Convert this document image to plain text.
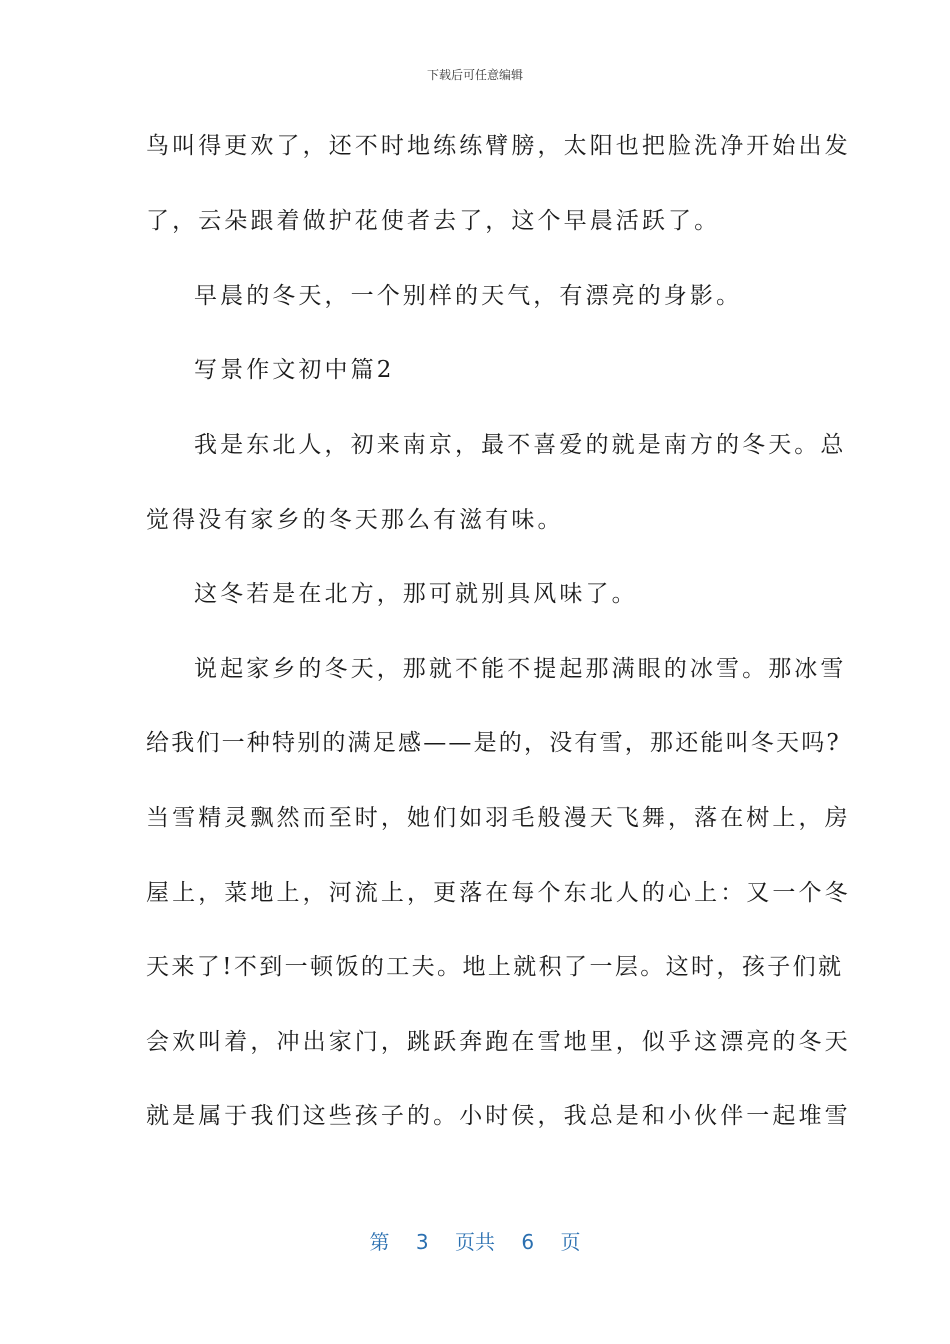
下载后可任意编辑
鸟叫得更欢了，还不时地练练臂膀，太阳也把脸洗净开始出发
了，云朵跟着做护花使者去了，这个早晨活跃了。
早晨的冬天，一个别样的天气，有漂亮的身影。
写景作文初中篇2
我是东北人，初来南京，最不喜爱的就是南方的冬天。总
觉得没有家乡的冬天那么有滋有味。
这冬若是在北方，那可就别具风味了。
说起家乡的冬天，那就不能不提起那满眼的冰雪。那冰雪
给我们一种特别的满足感——是的，没有雪，那还能叫冬天吗?
当雪精灵飘然而至时，她们如羽毛般漫天飞舞，落在树上，房
屋上，菜地上，河流上，更落在每个东北人的心上：又一个冬
天来了!不到一顿饭的工夫。地上就积了一层。这时，孩子们就
会欢叫着，冲出家门，跳跃奔跑在雪地里，似乎这漂亮的冬天
就是属于我们这些孩子的。小时侯，我总是和小伙伴一起堆雪
第 3 页共 6 页
